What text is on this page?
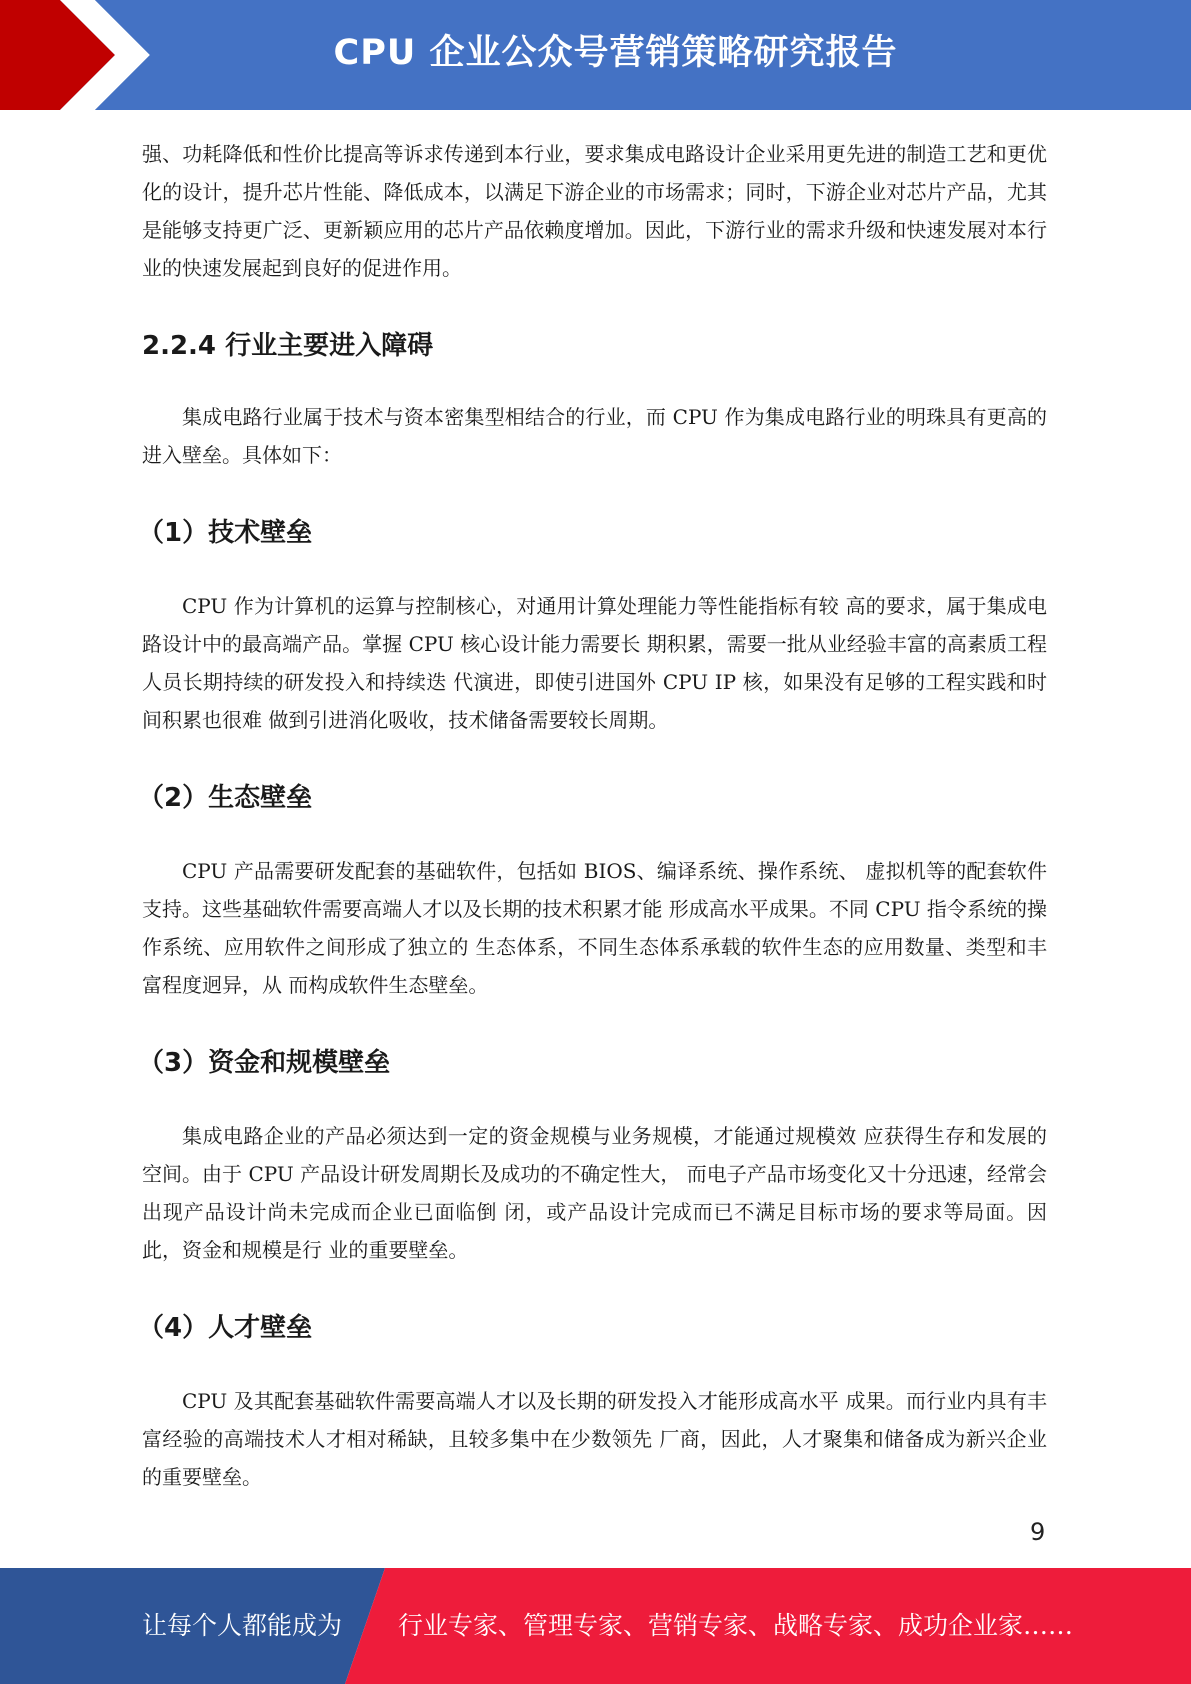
CPU 企业公众号营销策略研究报告

强、功耗降低和性价比提高等诉求传递到本行业，要求集成电路设计企业采用更先进的制造工艺和更优化的设计，提升芯片性能、降低成本，以满足下游企业的市场需求；同时，下游企业对芯片产品，尤其是能够支持更广泛、更新颖应用的芯片产品依赖度增加。因此，下游行业的需求升级和快速发展对本行业的快速发展起到良好的促进作用。

2.2.4 行业主要进入障碍

集成电路行业属于技术与资本密集型相结合的行业，而 CPU 作为集成电路行业的明珠具有更高的进入壁垒。具体如下：

（1）技术壁垒

CPU 作为计算机的运算与控制核心，对通用计算处理能力等性能指标有较 高的要求，属于集成电路设计中的最高端产品。掌握 CPU 核心设计能力需要长 期积累，需要一批从业经验丰富的高素质工程人员长期持续的研发投入和持续迭 代演进，即使引进国外 CPU IP 核，如果没有足够的工程实践和时间积累也很难 做到引进消化吸收，技术储备需要较长周期。

（2）生态壁垒

CPU 产品需要研发配套的基础软件，包括如 BIOS、编译系统、操作系统、 虚拟机等的配套软件支持。这些基础软件需要高端人才以及长期的技术积累才能 形成高水平成果。不同 CPU 指令系统的操作系统、应用软件之间形成了独立的 生态体系，不同生态体系承载的软件生态的应用数量、类型和丰富程度迥异，从 而构成软件生态壁垒。

（3）资金和规模壁垒

集成电路企业的产品必须达到一定的资金规模与业务规模，才能通过规模效 应获得生存和发展的空间。由于 CPU 产品设计研发周期长及成功的不确定性大， 而电子产品市场变化又十分迅速，经常会出现产品设计尚未完成而企业已面临倒 闭，或产品设计完成而已不满足目标市场的要求等局面。因此，资金和规模是行 业的重要壁垒。

（4）人才壁垒

CPU 及其配套基础软件需要高端人才以及长期的研发投入才能形成高水平 成果。而行业内具有丰富经验的高端技术人才相对稀缺，且较多集中在少数领先 厂商，因此，人才聚集和储备成为新兴企业的重要壁垒。

9
让每个人都能成为 行业专家、管理专家、营销专家、战略专家、成功企业家……
